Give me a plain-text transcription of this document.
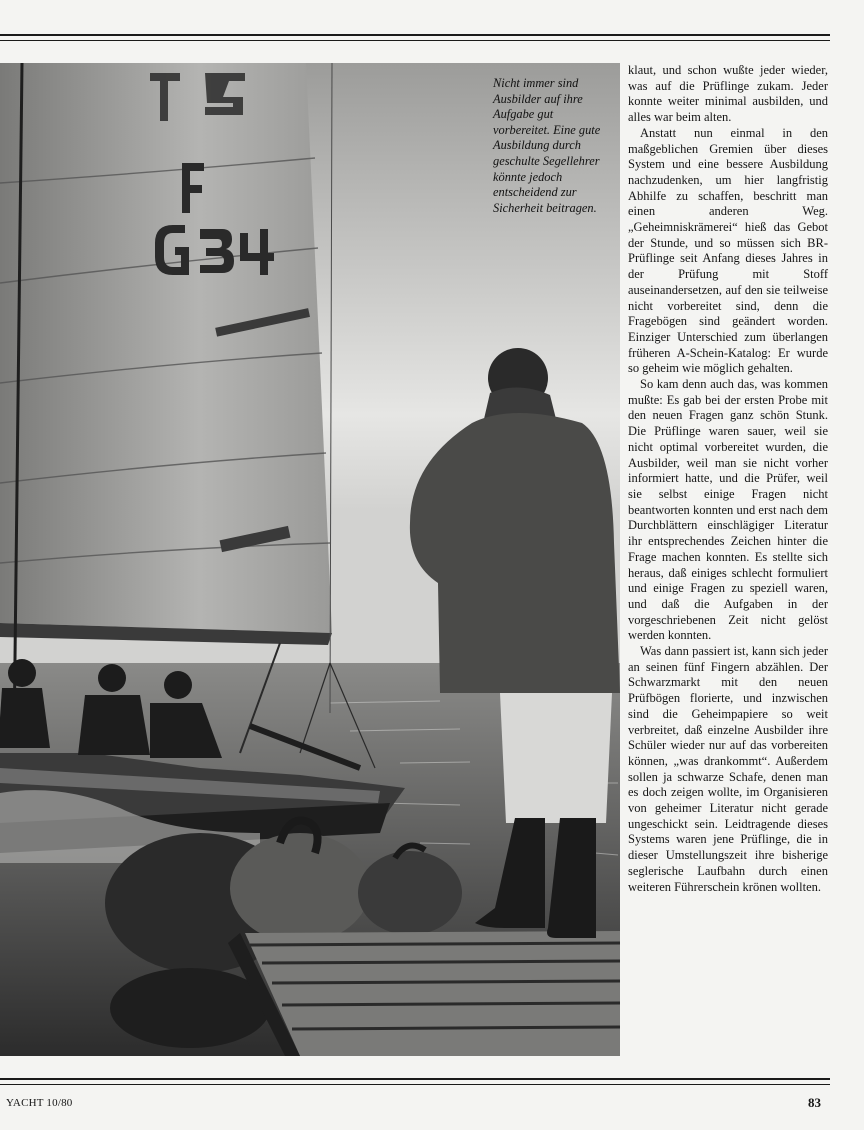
Nicht immer sind Ausbilder auf ihre Aufgabe gut vorbereitet. Eine gute Ausbildung durch geschulte Segellehrer könnte jedoch entscheidend zur Sicherheit beitragen.

klaut, und schon wußte jeder wieder, was auf die Prüflinge zukam. Jeder konnte weiter minimal ausbilden, und alles war beim alten.

Anstatt nun einmal in den maßgeblichen Gremien über dieses System und eine bessere Ausbildung nachzudenken, um hier langfristig Abhilfe zu schaffen, beschritt man einen anderen Weg. „Geheimniskrämerei“ hieß das Gebot der Stunde, und so müssen sich BR-Prüflinge seit Anfang dieses Jahres in der Prüfung mit Stoff auseinandersetzen, auf den sie teilweise nicht vorbereitet sind, denn die Fragebögen sind geändert worden. Einziger Unterschied zum überlangen früheren A-Schein-Katalog: Er wurde so geheim wie möglich gehalten.

So kam denn auch das, was kommen mußte: Es gab bei der ersten Probe mit den neuen Fragen ganz schön Stunk. Die Prüflinge waren sauer, weil sie nicht optimal vorbereitet wurden, die Ausbilder, weil man sie nicht vorher informiert hatte, und die Prüfer, weil sie selbst einige Fragen nicht beantworten konnten und erst nach dem Durchblättern einschlägiger Literatur ihr entsprechendes Zeichen hinter die Frage machen konnten. Es stellte sich heraus, daß einiges schlecht formuliert und einige Fragen zu speziell waren, und daß die Aufgaben in der vorgeschriebenen Zeit nicht gelöst werden konnten.

Was dann passiert ist, kann sich jeder an seinen fünf Fingern abzählen. Der Schwarzmarkt mit den neuen Prüfbögen florierte, und inzwischen sind die Geheimpapiere so weit verbreitet, daß einzelne Ausbilder ihre Schüler wieder nur auf das vorbereiten können, „was drankommt“. Außerdem sollen ja schwarze Schafe, denen man es doch zeigen wollte, im Organisieren von geheimer Literatur nicht gerade ungeschickt sein. Leidtragende dieses Systems waren jene Prüflinge, die in dieser Umstellungszeit ihre bisherige seglerische Laufbahn durch einen weiteren Führerschein krönen wollten.

YACHT 10/80	83
